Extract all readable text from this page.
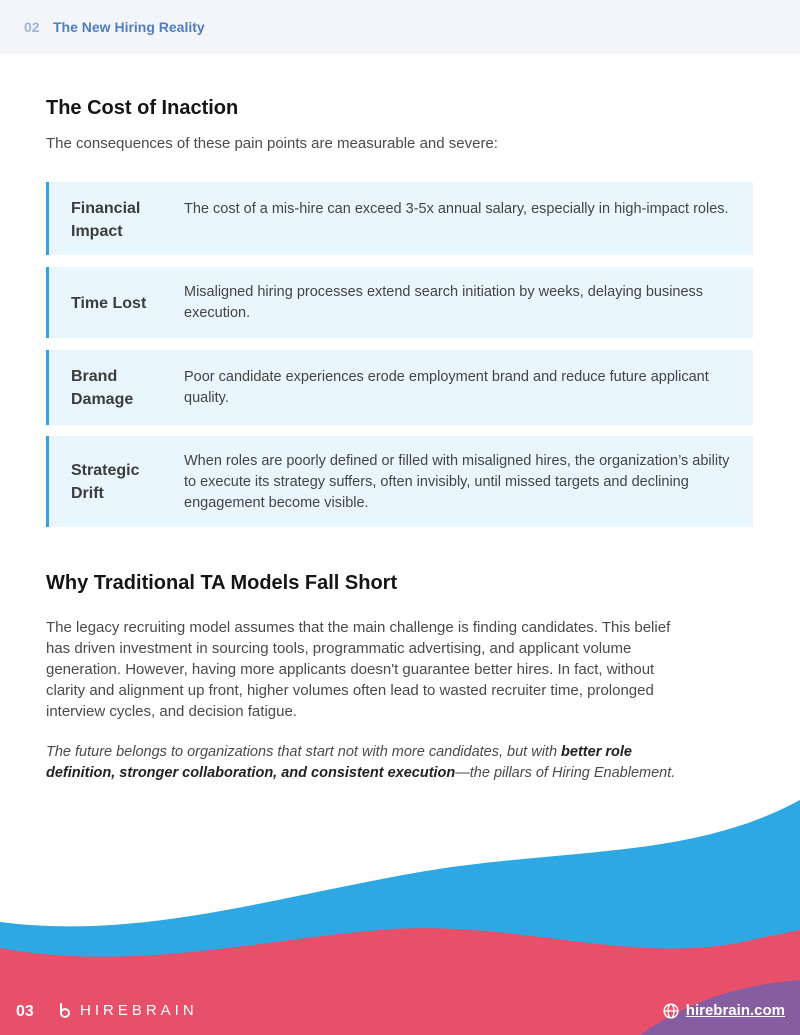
02 The New Hiring Reality
The Cost of Inaction

The consequences of these pain points are measurable and severe:

Financial
Impact
The cost of a mis-hire can exceed 3-5x annual salary, especially in high-impact roles.
Time Lost
Misaligned hiring processes extend search initiation by weeks, delaying business execution.
Brand
Damage
Poor candidate experiences erode employment brand and reduce future applicant quality.
Strategic
Drift
When roles are poorly defined or filled with misaligned hires, the organization’s ability to execute its strategy suffers, often invisibly, until missed targets and declining engagement become visible.
Why Traditional TA Models Fall Short

The legacy recruiting model assumes that the main challenge is finding candidates. This belief has driven investment in sourcing tools, programmatic advertising, and applicant volume generation. However, having more applicants doesn't guarantee better hires. In fact, without clarity and alignment up front, higher volumes often lead to wasted recruiter time, prolonged interview cycles, and decision fatigue.

The future belongs to organizations that start not with more candidates, but with better role definition, stronger collaboration, and consistent execution—the pillars of Hiring Enablement.

03	HIREBRAIN	hirebrain.com
